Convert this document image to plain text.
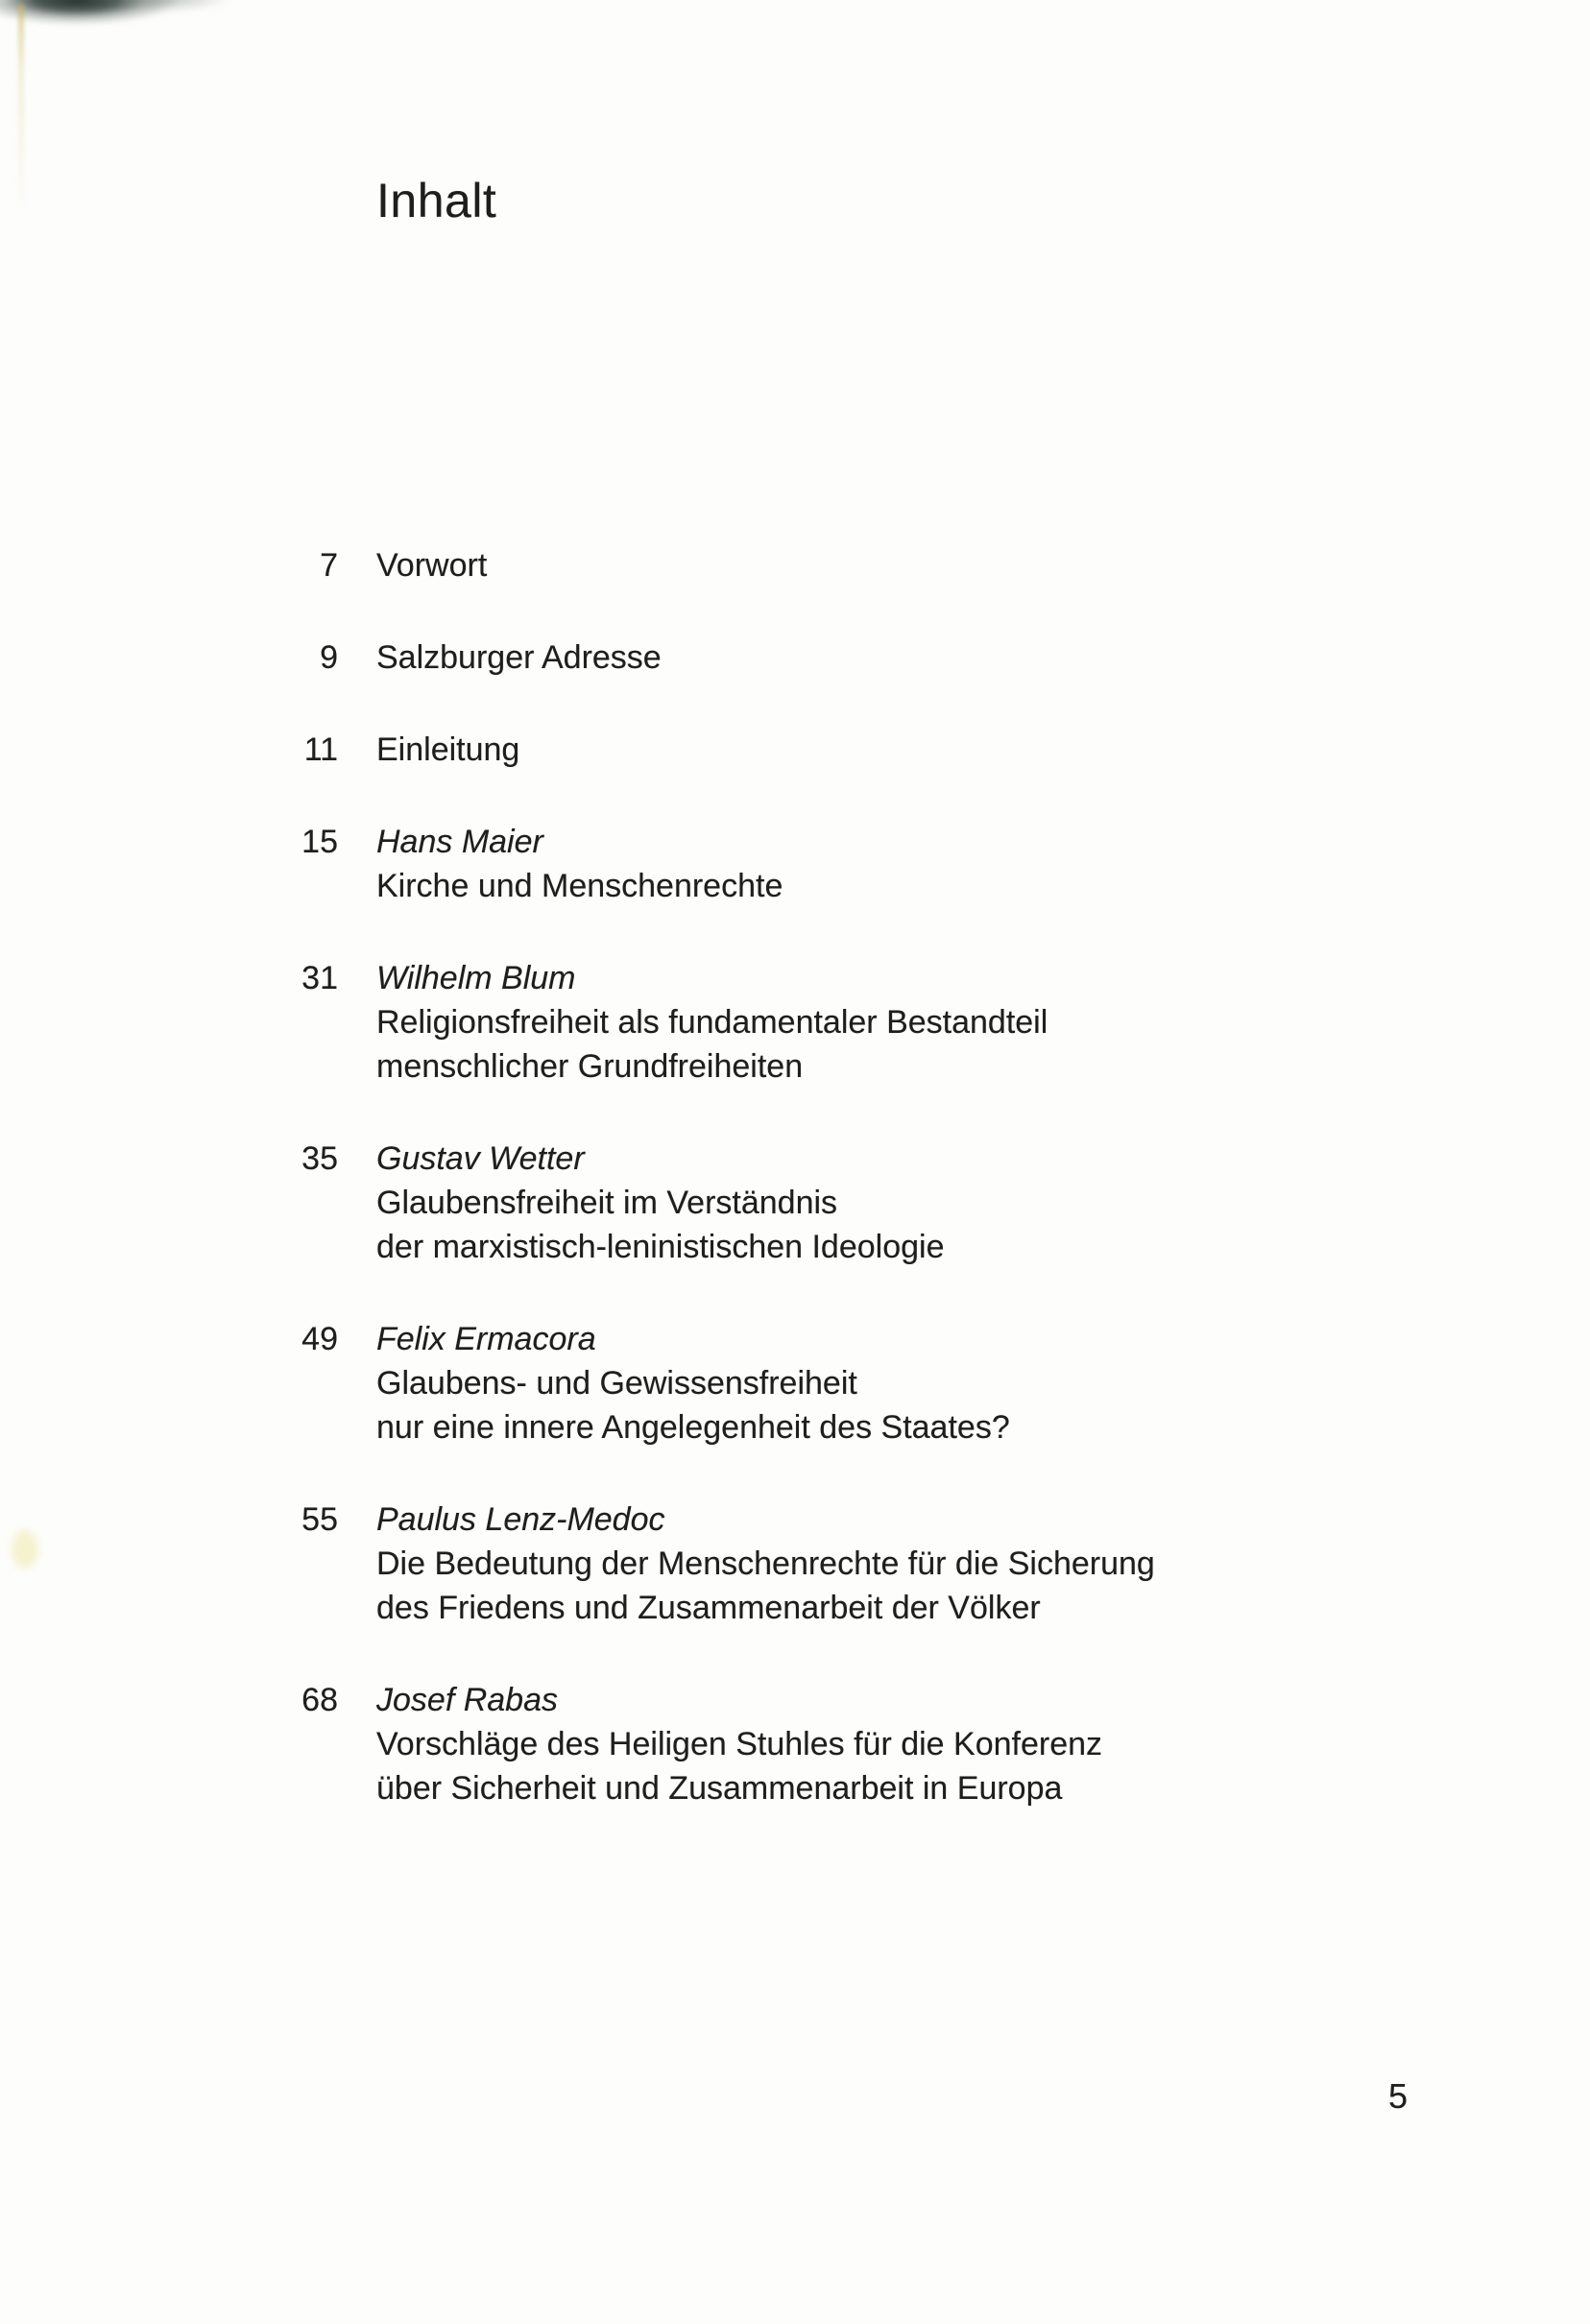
Inhalt
7 Vorwort
9 Salzburger Adresse
11 Einleitung
15 Hans Maier
Kirche und Menschenrechte
31 Wilhelm Blum
Religionsfreiheit als fundamentaler Bestandteil
menschlicher Grundfreiheiten
35 Gustav Wetter
Glaubensfreiheit im Verständnis
der marxistisch-leninistischen Ideologie
49 Felix Ermacora
Glaubens- und Gewissensfreiheit
nur eine innere Angelegenheit des Staates?
55 Paulus Lenz-Medoc
Die Bedeutung der Menschenrechte für die Sicherung
des Friedens und Zusammenarbeit der Völker
68 Josef Rabas
Vorschläge des Heiligen Stuhles für die Konferenz
über Sicherheit und Zusammenarbeit in Europa
5
